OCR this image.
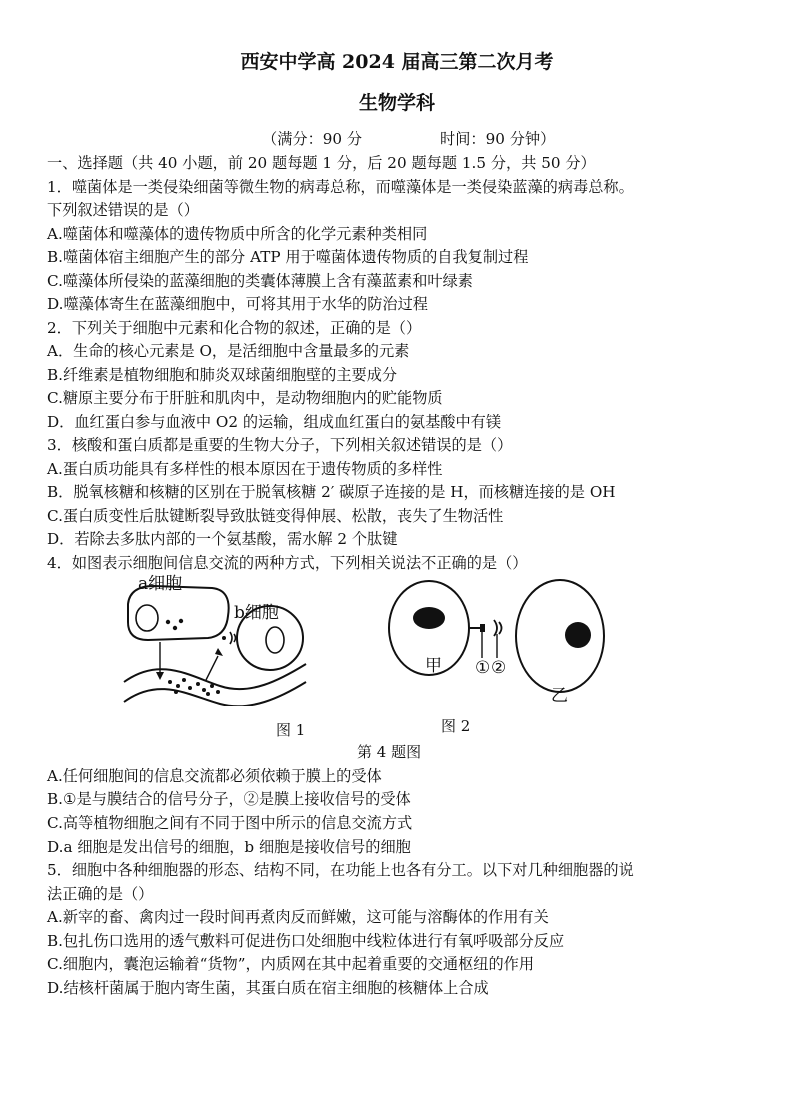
西安中学高 2024 届高三第二次月考
生物学科
（满分：90 分	时间：90 分钟）
一、选择题（共 40 小题，前 20 题每题 1 分，后 20 题每题 1.5 分，共 50 分）
1．噬菌体是一类侵染细菌等微生物的病毒总称，而噬藻体是一类侵染蓝藻的病毒总称。
下列叙述错误的是（）
A.噬菌体和噬藻体的遗传物质中所含的化学元素种类相同
B.噬菌体宿主细胞产生的部分 ATP 用于噬菌体遗传物质的自我复制过程
C.噬藻体所侵染的蓝藻细胞的类囊体薄膜上含有藻蓝素和叶绿素
D.噬藻体寄生在蓝藻细胞中，可将其用于水华的防治过程
2．下列关于细胞中元素和化合物的叙述，正确的是（）
A．生命的核心元素是 O，是活细胞中含量最多的元素
B.纤维素是植物细胞和肺炎双球菌细胞壁的主要成分
C.糖原主要分布于肝脏和肌肉中，是动物细胞内的贮能物质
D．血红蛋白参与血液中 O2 的运输，组成血红蛋白的氨基酸中有镁
3．核酸和蛋白质都是重要的生物大分子，下列相关叙述错误的是（）
A.蛋白质功能具有多样性的根本原因在于遗传物质的多样性
B．脱氧核糖和核糖的区别在于脱氧核糖 2′ 碳原子连接的是 H，而核糖连接的是 OH
C.蛋白质变性后肽键断裂导致肽链变得伸展、松散，丧失了生物活性
D．若除去多肽内部的一个氨基酸，需水解 2 个肽键
4．如图表示细胞间信息交流的两种方式，下列相关说法不正确的是（）
a细胞
b细胞
图 1
① ②
甲
乙
图 2
第 4 题图
A.任何细胞间的信息交流都必须依赖于膜上的受体
B.①是与膜结合的信号分子，②是膜上接收信号的受体
C.高等植物细胞之间有不同于图中所示的信息交流方式
D.a 细胞是发出信号的细胞，b 细胞是接收信号的细胞
5．细胞中各种细胞器的形态、结构不同，在功能上也各有分工。以下对几种细胞器的说
法正确的是（）
A.新宰的畜、禽肉过一段时间再煮肉反而鲜嫩，这可能与溶酶体的作用有关
B.包扎伤口选用的透气敷料可促进伤口处细胞中线粒体进行有氧呼吸部分反应
C.细胞内，囊泡运输着“货物”，内质网在其中起着重要的交通枢纽的作用
D.结核杆菌属于胞内寄生菌，其蛋白质在宿主细胞的核糖体上合成
